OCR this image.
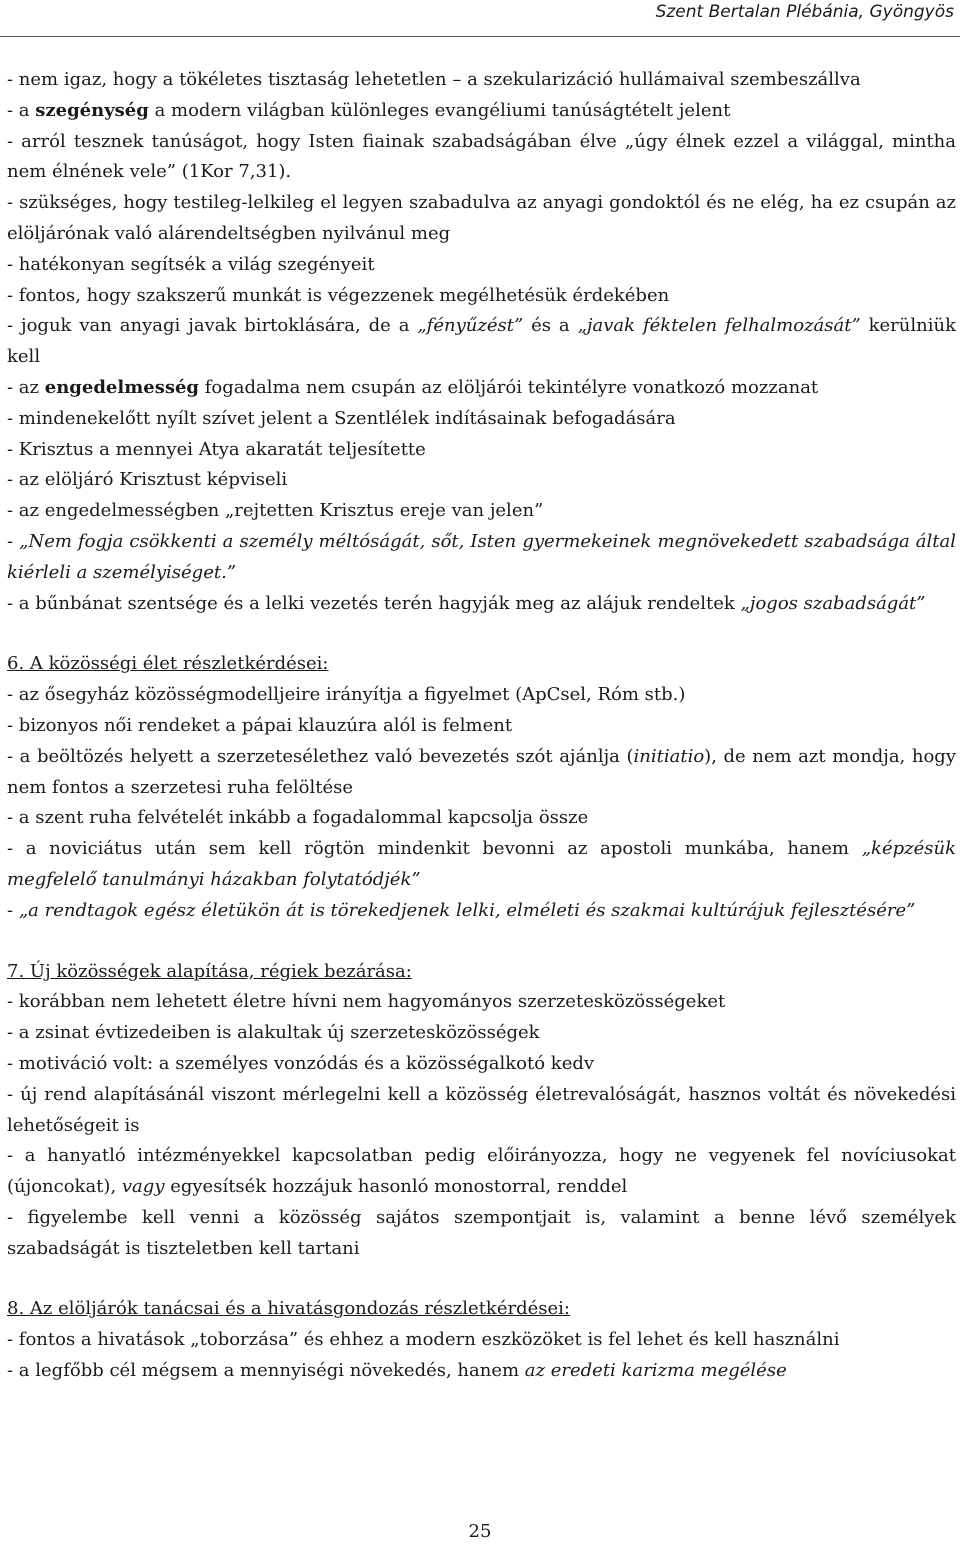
Szent Bertalan Plébánia, Gyöngyös

- nem igaz, hogy a tökéletes tisztaság lehetetlen – a szekularizáció hullámaival szembeszállva

- a szegénység a modern világban különleges evangéliumi tanúságtételt jelent

- arról tesznek tanúságot, hogy Isten fiainak szabadságában élve „úgy élnek ezzel a világgal, mintha nem élnének vele” (1Kor 7,31).

- szükséges, hogy testileg-lelkileg el legyen szabadulva az anyagi gondoktól és ne elég, ha ez csupán az elöljárónak való alárendeltségben nyilvánul meg

- hatékonyan segítsék a világ szegényeit

- fontos, hogy szakszerű munkát is végezzenek megélhetésük érdekében

- joguk van anyagi javak birtoklására, de a „fényűzést” és a „javak féktelen felhalmozását” kerülniük kell

- az engedelmesség fogadalma nem csupán az elöljárói tekintélyre vonatkozó mozzanat

- mindenekelőtt nyílt szívet jelent a Szentlélek indításainak befogadására

- Krisztus a mennyei Atya akaratát teljesítette

- az elöljáró Krisztust képviseli

- az engedelmességben „rejtetten Krisztus ereje van jelen”

- „Nem fogja csökkenti a személy méltóságát, sőt, Isten gyermekeinek megnövekedett szabadsága által kiérleli a személyiséget.”

- a bűnbánat szentsége és a lelki vezetés terén hagyják meg az alájuk rendeltek „jogos szabadságát”

6. A közösségi élet részletkérdései:

- az ősegyház közösségmodelljeire irányítja a figyelmet (ApCsel, Róm stb.)

- bizonyos női rendeket a pápai klauzúra alól is felment

- a beöltözés helyett a szerzetesélethez való bevezetés szót ajánlja (initiatio), de nem azt mondja, hogy nem fontos a szerzetesi ruha felöltése

- a szent ruha felvételét inkább a fogadalommal kapcsolja össze

- a noviciátus után sem kell rögtön mindenkit bevonni az apostoli munkába, hanem „képzésük megfelelő tanulmányi házakban folytatódjék”

- „a rendtagok egész életükön át is törekedjenek lelki, elméleti és szakmai kultúrájuk fejlesztésére”

7. Új közösségek alapítása, régiek bezárása:

- korábban nem lehetett életre hívni nem hagyományos szerzetesközösségeket

- a zsinat évtizedeiben is alakultak új szerzetesközösségek

- motiváció volt: a személyes vonzódás és a közösségalkotó kedv

- új rend alapításánál viszont mérlegelni kell a közösség életrevalóságát, hasznos voltát és növekedési lehetőségeit is

- a hanyatló intézményekkel kapcsolatban pedig előirányozza, hogy ne vegyenek fel novíciusokat (újoncokat), vagy egyesítsék hozzájuk hasonló monostorral, renddel

- figyelembe kell venni a közösség sajátos szempontjait is, valamint a benne lévő személyek szabadságát is tiszteletben kell tartani

8. Az elöljárók tanácsai és a hivatásgondozás részletkérdései:

- fontos a hivatások „toborzása” és ehhez a modern eszközöket is fel lehet és kell használni

- a legfőbb cél mégsem a mennyiségi növekedés, hanem az eredeti karizma megélése

25
